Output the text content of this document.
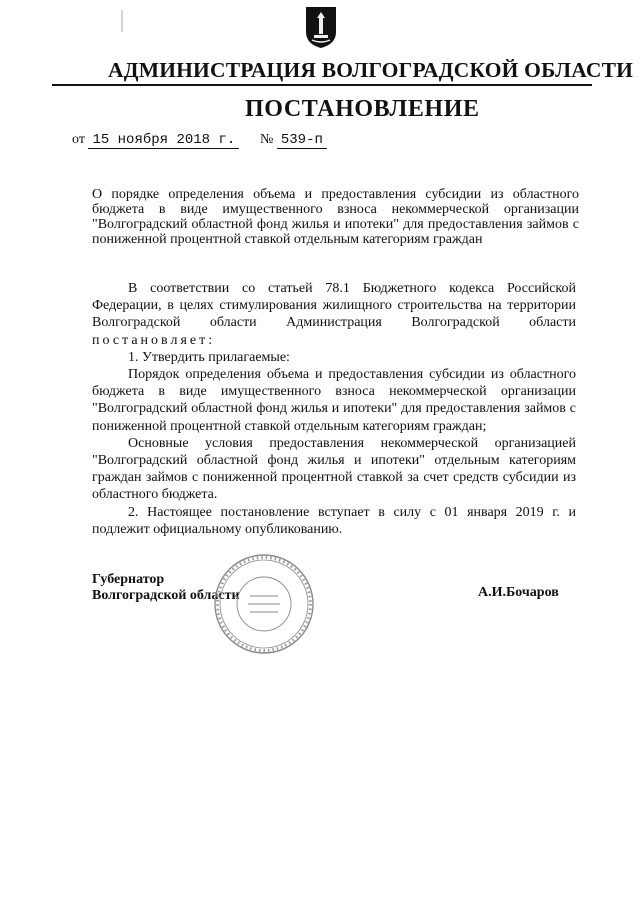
АДМИНИСТРАЦИЯ ВОЛГОГРАДСКОЙ ОБЛАСТИ
ПОСТАНОВЛЕНИЕ
от 15 ноября 2018 г. № 539-п
О порядке определения объема и предоставления субсидии из областного бюджета в виде имущественного взноса некоммерческой организации "Волгоградский областной фонд жилья и ипотеки" для предоставления займов с пониженной процентной ставкой отдельным категориям граждан

В соответствии со статьей 78.1 Бюджетного кодекса Российской Федерации, в целях стимулирования жилищного строительства на территории Волгоградской области Администрация Волгоградской области постановляет:

1. Утвердить прилагаемые:

Порядок определения объема и предоставления субсидии из областного бюджета в виде имущественного взноса некоммерческой организации "Волгоградский областной фонд жилья и ипотеки" для предоставления займов с пониженной процентной ставкой отдельным категориям граждан;

Основные условия предоставления некоммерческой организацией "Волгоградский областной фонд жилья и ипотеки" отдельным категориям граждан займов с пониженной процентной ставкой за счет средств субсидии из областного бюджета.

2. Настоящее постановление вступает в силу с 01 января 2019 г. и подлежит официальному опубликованию.

Губернатор
Волгоградской области	А.И.Бочаров
